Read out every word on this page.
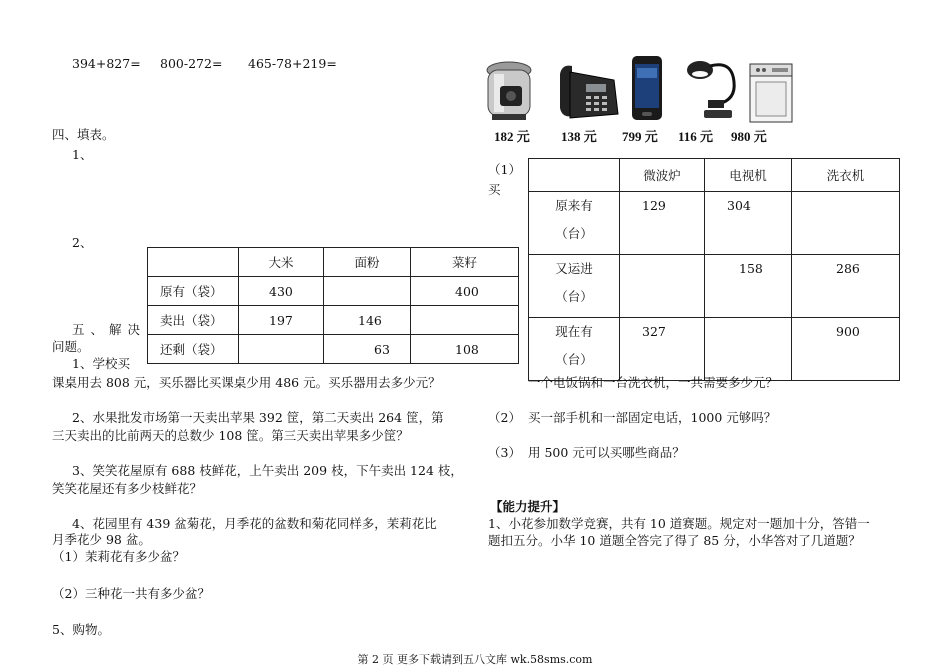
394+827= 800-272= 465-78+219=
四、填表。
1、
2、
	大米	面粉	菜籽
原有（袋）	430		400
卖出（袋）	197	146	
还剩（袋）		63	108
五、解决
问题。
1、学校买
课桌用去 808 元，买乐器比买课桌少用 486 元。买乐器用去多少元？
2、水果批发市场第一天卖出苹果 392 筐，第二天卖出 264 筐，第
三天卖出的比前两天的总数少 108 筐。第三天卖出苹果多少筐？
3、笑笑花屋原有 688 枝鲜花，上午卖出 209 枝，下午卖出 124 枝，
笑笑花屋还有多少枝鲜花？
4、花园里有 439 盆菊花，月季花的盆数和菊花同样多，茉莉花比
月季花少 98 盆。
（1）茉莉花有多少盆？
（2）三种花一共有多少盆？
5、购物。
182 元 138 元 799 元 116 元 980 元
（1）
买
	微波炉	电视机	洗衣机

原来有
（台）	129	304	

又运进
（台）		158	286

现在有
（台）	327		900
一个电饭锅和一台洗衣机，一共需要多少元？
（2） 买一部手机和一部固定电话，1000 元够吗？
（3） 用 500 元可以买哪些商品？
【能力提升】
1、小花参加数学竞赛，共有 10 道赛题。规定对一题加十分，答错一
题扣五分。小华 10 道题全答完了得了 85 分，小华答对了几道题？
第 2 页 更多下载请到五八文库 wk.58sms.com
